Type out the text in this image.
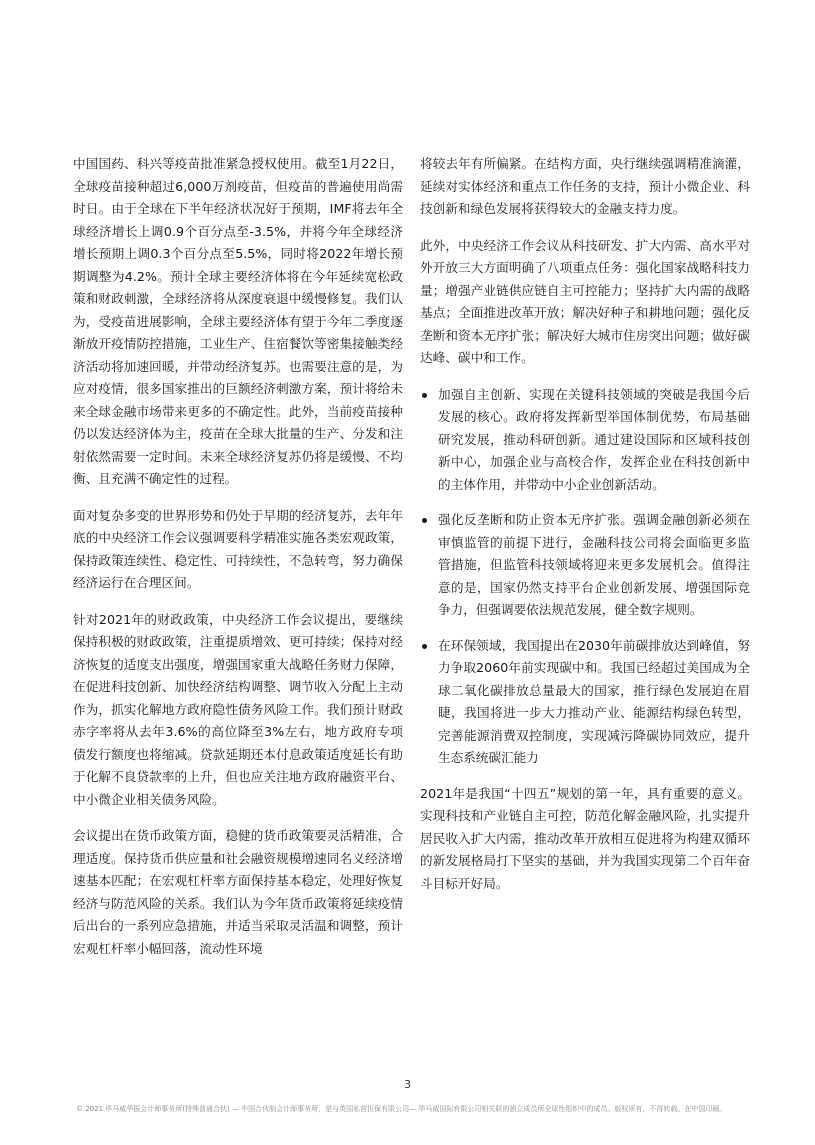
中国国药、科兴等疫苗批准紧急授权使用。截至1月22日，全球疫苗接种超过6,000万剂疫苗，但疫苗的普遍使用尚需时日。由于全球在下半年经济状况好于预期，IMF将去年全球经济增长上调0.9个百分点至-3.5%，并将今年全球经济增长预期上调0.3个百分点至5.5%，同时将2022年增长预期调整为4.2%。预计全球主要经济体将在今年延续宽松政策和财政刺激，全球经济将从深度衰退中缓慢修复。我们认为，受疫苗进展影响，全球主要经济体有望于今年二季度逐渐放开疫情防控措施，工业生产、住宿餐饮等密集接触类经济活动将加速回暖，并带动经济复苏。也需要注意的是，为应对疫情，很多国家推出的巨额经济刺激方案，预计将给未来全球金融市场带来更多的不确定性。此外，当前疫苗接种仍以发达经济体为主，疫苗在全球大批量的生产、分发和注射依然需要一定时间。未来全球经济复苏仍将是缓慢、不均衡、且充满不确定性的过程。

面对复杂多变的世界形势和仍处于早期的经济复苏，去年年底的中央经济工作会议强调要科学精准实施各类宏观政策，保持政策连续性、稳定性、可持续性，不急转弯，努力确保经济运行在合理区间。

针对2021年的财政政策，中央经济工作会议提出，要继续保持积极的财政政策，注重提质增效、更可持续；保持对经济恢复的适度支出强度，增强国家重大战略任务财力保障，在促进科技创新、加快经济结构调整、调节收入分配上主动作为，抓实化解地方政府隐性债务风险工作。我们预计财政赤字率将从去年3.6%的高位降至3%左右，地方政府专项债发行额度也将缩减。贷款延期还本付息政策适度延长有助于化解不良贷款率的上升，但也应关注地方政府融资平台、中小微企业相关债务风险。

会议提出在货币政策方面，稳健的货币政策要灵活精准，合理适度。保持货币供应量和社会融资规模增速同名义经济增速基本匹配；在宏观杠杆率方面保持基本稳定，处理好恢复经济与防范风险的关系。我们认为今年货币政策将延续疫情后出台的一系列应急措施，并适当采取灵活温和调整，预计宏观杠杆率小幅回落，流动性环境

将较去年有所偏紧。在结构方面，央行继续强调精准滴灌，延续对实体经济和重点工作任务的支持，预计小微企业、科技创新和绿色发展将获得较大的金融支持力度。

此外，中央经济工作会议从科技研发、扩大内需、高水平对外开放三大方面明确了八项重点任务：强化国家战略科技力量；增强产业链供应链自主可控能力；坚持扩大内需的战略基点；全面推进改革开放；解决好种子和耕地问题；强化反垄断和资本无序扩张；解决好大城市住房突出问题；做好碳达峰、碳中和工作。

加强自主创新、实现在关键科技领域的突破是我国今后发展的核心。政府将发挥新型举国体制优势，布局基础研究发展，推动科研创新。通过建设国际和区域科技创新中心，加强企业与高校合作，发挥企业在科技创新中的主体作用，并带动中小企业创新活动。
强化反垄断和防止资本无序扩张。强调金融创新必须在审慎监管的前提下进行，金融科技公司将会面临更多监管措施，但监管科技领域将迎来更多发展机会。值得注意的是，国家仍然支持平台企业创新发展、增强国际竞争力，但强调要依法规范发展，健全数字规则。
在环保领域，我国提出在2030年前碳排放达到峰值，努力争取2060年前实现碳中和。我国已经超过美国成为全球二氧化碳排放总量最大的国家，推行绿色发展迫在眉睫，我国将进一步大力推动产业、能源结构绿色转型，完善能源消费双控制度，实现减污降碳协同效应，提升生态系统碳汇能力

2021年是我国“十四五”规划的第一年，具有重要的意义。实现科技和产业链自主可控，防范化解金融风险，扎实提升居民收入扩大内需，推动改革开放相互促进将为构建双循环的新发展格局打下坚实的基础，并为我国实现第二个百年奋斗目标开好局。

3
© 2021 毕马威华振会计师事务所(特殊普通合伙) — 中国合伙制会计师事务所，是与英国私营担保有限公司— 毕马威国际有限公司相关联的独立成员所全球性组织中的成员。版权所有，不得转载。在中国印刷。
